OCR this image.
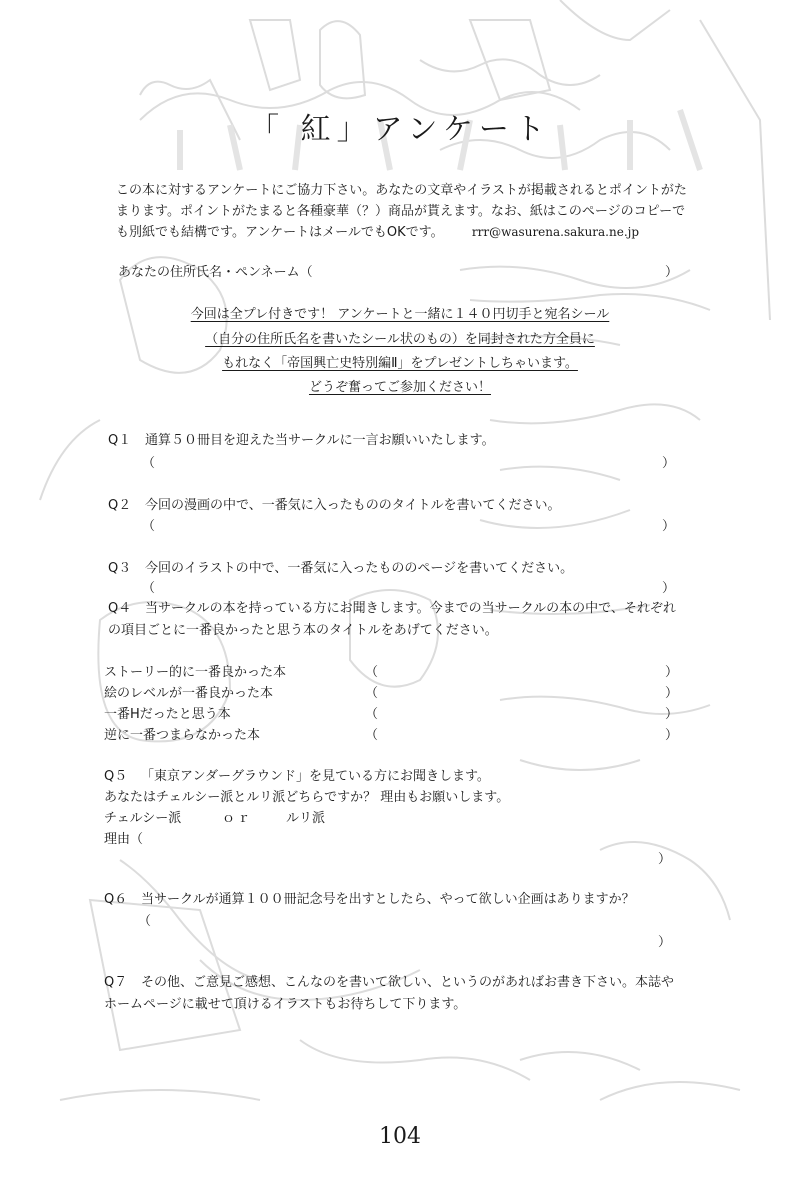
「 紅」アンケート
この本に対するアンケートにご協力下さい。あなたの文章やイラストが掲載されるとポイントがたまります。ポイントがたまると各種豪華（？）商品が貰えます。なお、紙はこのページのコピーでも別紙でも結構です。アンケートはメールでもOKです。 rrr@wasurena.sakura.ne.jp
あなたの住所氏名・ペンネーム（	）
今回は全プレ付きです！ アンケートと一緒に１４０円切手と宛名シール
（自分の住所氏名を書いたシール状のもの）を同封された方全員に
もれなく「帝国興亡史特別編Ⅱ」をプレゼントしちゃいます。
どうぞ奮ってご参加ください！
Q１ 通算５０冊目を迎えた当サークルに一言お願いいたします。
（	）
Q２ 今回の漫画の中で、一番気に入ったもののタイトルを書いてください。
（	）
Q３ 今回のイラストの中で、一番気に入ったもののページを書いてください。
（	）
Q４ 当サークルの本を持っている方にお聞きします。今までの当サークルの本の中で、それぞれ
の項目ごとに一番良かったと思う本のタイトルをあげてください。
ストーリー的に一番良かった本	（	）
絵のレベルが一番良かった本	（	）
一番Hだったと思う本	（	）
逆に一番つまらなかった本	（	）
Q５ 「東京アンダーグラウンド」を見ている方にお聞きします。
あなたはチェルシー派とルリ派どちらですか？ 理由もお願いします。
チェルシー派	ｏｒ	ルリ派
理由（
）
Q６ 当サークルが通算１００冊記念号を出すとしたら、やって欲しい企画はありますか？
（
）
Q７ その他、ご意見ご感想、こんなのを書いて欲しい、というのがあればお書き下さい。本誌や
ホームページに載せて頂けるイラストもお待ちして下ります。
104
